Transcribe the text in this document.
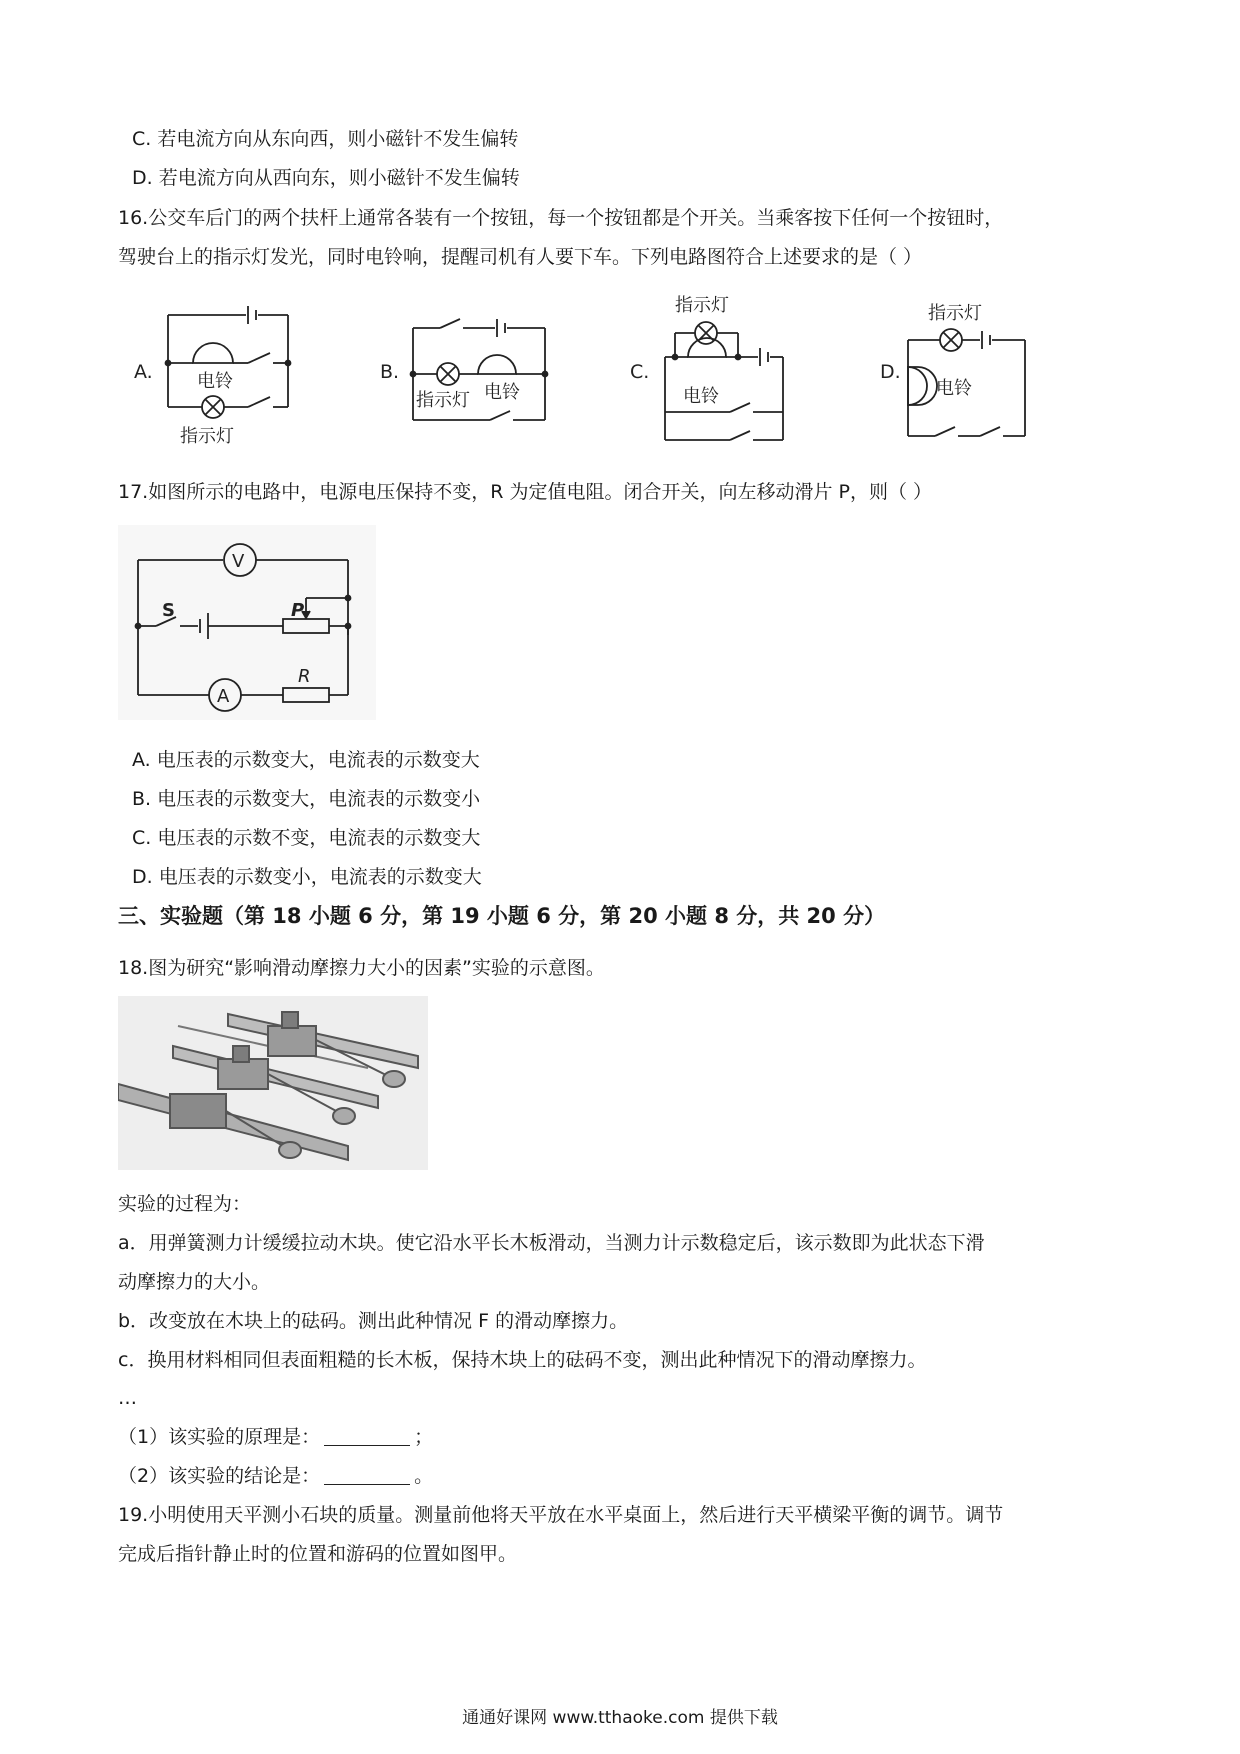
C. 若电流方向从东向西，则小磁针不发生偏转
D. 若电流方向从西向东，则小磁针不发生偏转
16.公交车后门的两个扶杆上通常各装有一个按钮，每一个按钮都是个开关。当乘客按下任何一个按钮时，
驾驶台上的指示灯发光，同时电铃响，提醒司机有人要下车。下列电路图符合上述要求的是（ ）
A. 电铃
指示灯
B.
指示灯 电铃
C.
指示灯
电铃
D.
指示灯
电铃
17.如图所示的电路中，电源电压保持不变，R 为定值电阻。闭合开关，向左移动滑片 P，则（ ）
V
P
S
A
R
A. 电压表的示数变大，电流表的示数变大
B. 电压表的示数变大，电流表的示数变小
C. 电压表的示数不变，电流表的示数变大
D. 电压表的示数变小，电流表的示数变大
三、实验题（第 18 小题 6 分，第 19 小题 6 分，第 20 小题 8 分，共 20 分）
18.图为研究“影响滑动摩擦力大小的因素”实验的示意图。
实验的过程为：
a．用弹簧测力计缓缓拉动木块。使它沿水平长木板滑动，当测力计示数稳定后，该示数即为此状态下滑
动摩擦力的大小。
b．改变放在木块上的砝码。测出此种情况 F 的滑动摩擦力。
c．换用材料相同但表面粗糙的长木板，保持木块上的砝码不变，测出此种情况下的滑动摩擦力。
…
（1）该实验的原理是：	；
（2）该实验的结论是：	。
19.小明使用天平测小石块的质量。测量前他将天平放在水平桌面上，然后进行天平横梁平衡的调节。调节
完成后指针静止时的位置和游码的位置如图甲。
通通好课网 www.tthaoke.com 提供下载
